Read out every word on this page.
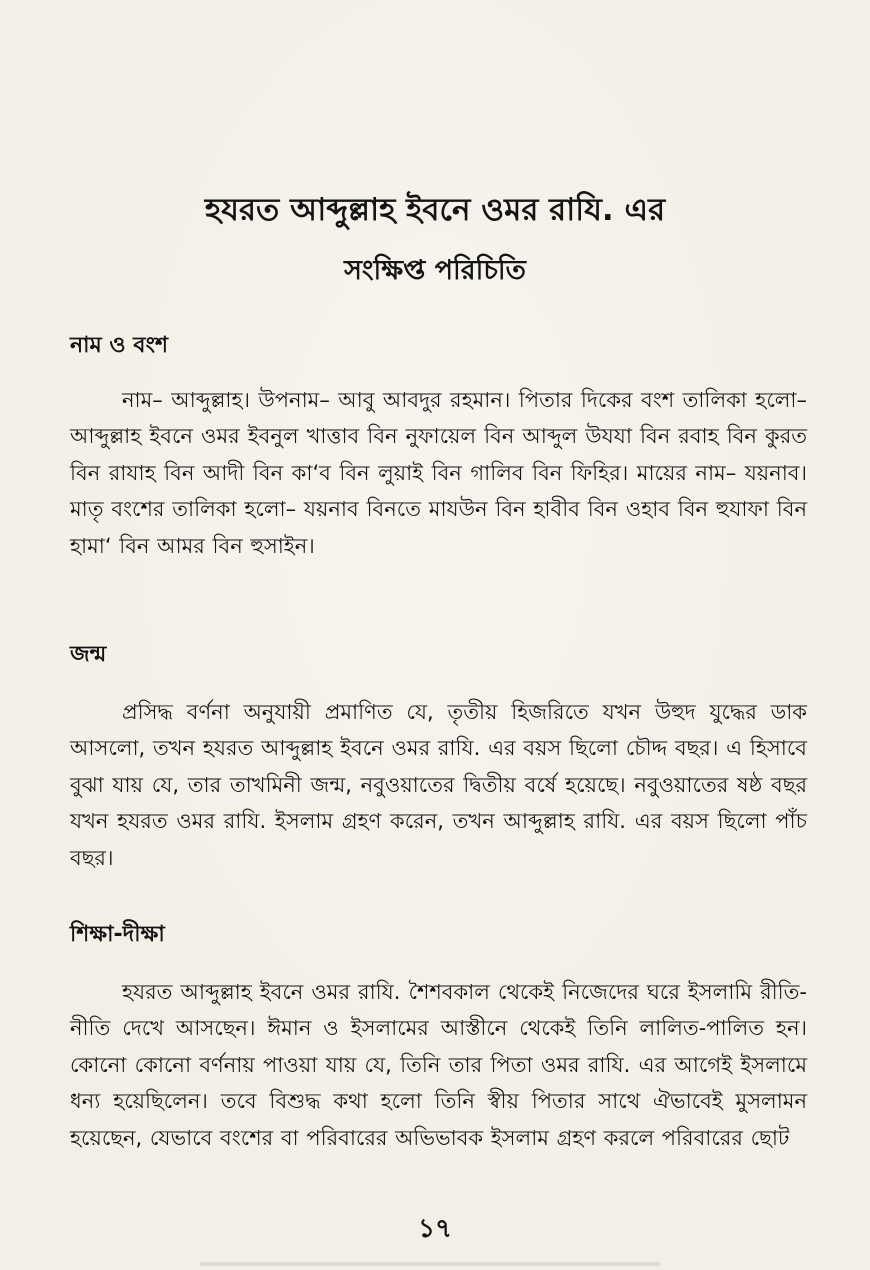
হযরত আব্দুল্লাহ ইবনে ওমর রাযি. এর
সংক্ষিপ্ত পরিচিতি
নাম ও বংশ
নাম– আব্দুল্লাহ। উপনাম– আবু আবদুর রহমান। পিতার দিকের বংশ তালিকা হলো– আব্দুল্লাহ ইবনে ওমর ইবনুল খাত্তাব বিন নুফায়েল বিন আব্দুল উযযা বিন রবাহ বিন কুরত বিন রাযাহ বিন আদী বিন কা‘ব বিন লুয়াই বিন গালিব বিন ফিহির। মায়ের নাম– যয়নাব। মাতৃ বংশের তালিকা হলো– যয়নাব বিনতে মাযউন বিন হাবীব বিন ওহাব বিন হুযাফা বিন হামা‘ বিন আমর বিন হুসাইন।
জন্ম
প্রসিদ্ধ বর্ণনা অনুযায়ী প্রমাণিত যে, তৃতীয় হিজরিতে যখন উহুদ যুদ্ধের ডাক আসলো, তখন হযরত আব্দুল্লাহ ইবনে ওমর রাযি. এর বয়স ছিলো চৌদ্দ বছর। এ হিসাবে বুঝা যায় যে, তার তাখমিনী জন্ম, নবুওয়াতের দ্বিতীয় বর্ষে হয়েছে। নবুওয়াতের ষষ্ঠ বছর যখন হযরত ওমর রাযি. ইসলাম গ্রহণ করেন, তখন আব্দুল্লাহ রাযি. এর বয়স ছিলো পাঁচ বছর।
শিক্ষা-দীক্ষা
হযরত আব্দুল্লাহ ইবনে ওমর রাযি. শৈশবকাল থেকেই নিজেদের ঘরে ইসলামি রীতি-নীতি দেখে আসছেন। ঈমান ও ইসলামের আস্তীনে থেকেই তিনি লালিত-পালিত হন। কোনো কোনো বর্ণনায় পাওয়া যায় যে, তিনি তার পিতা ওমর রাযি. এর আগেই ইসলামে ধন্য হয়েছিলেন। তবে বিশুদ্ধ কথা হলো তিনি স্বীয় পিতার সাথে ঐভাবেই মুসলামন হয়েছেন, যেভাবে বংশের বা পরিবারের অভিভাবক ইসলাম গ্রহণ করলে পরিবারের ছোট
১৭
